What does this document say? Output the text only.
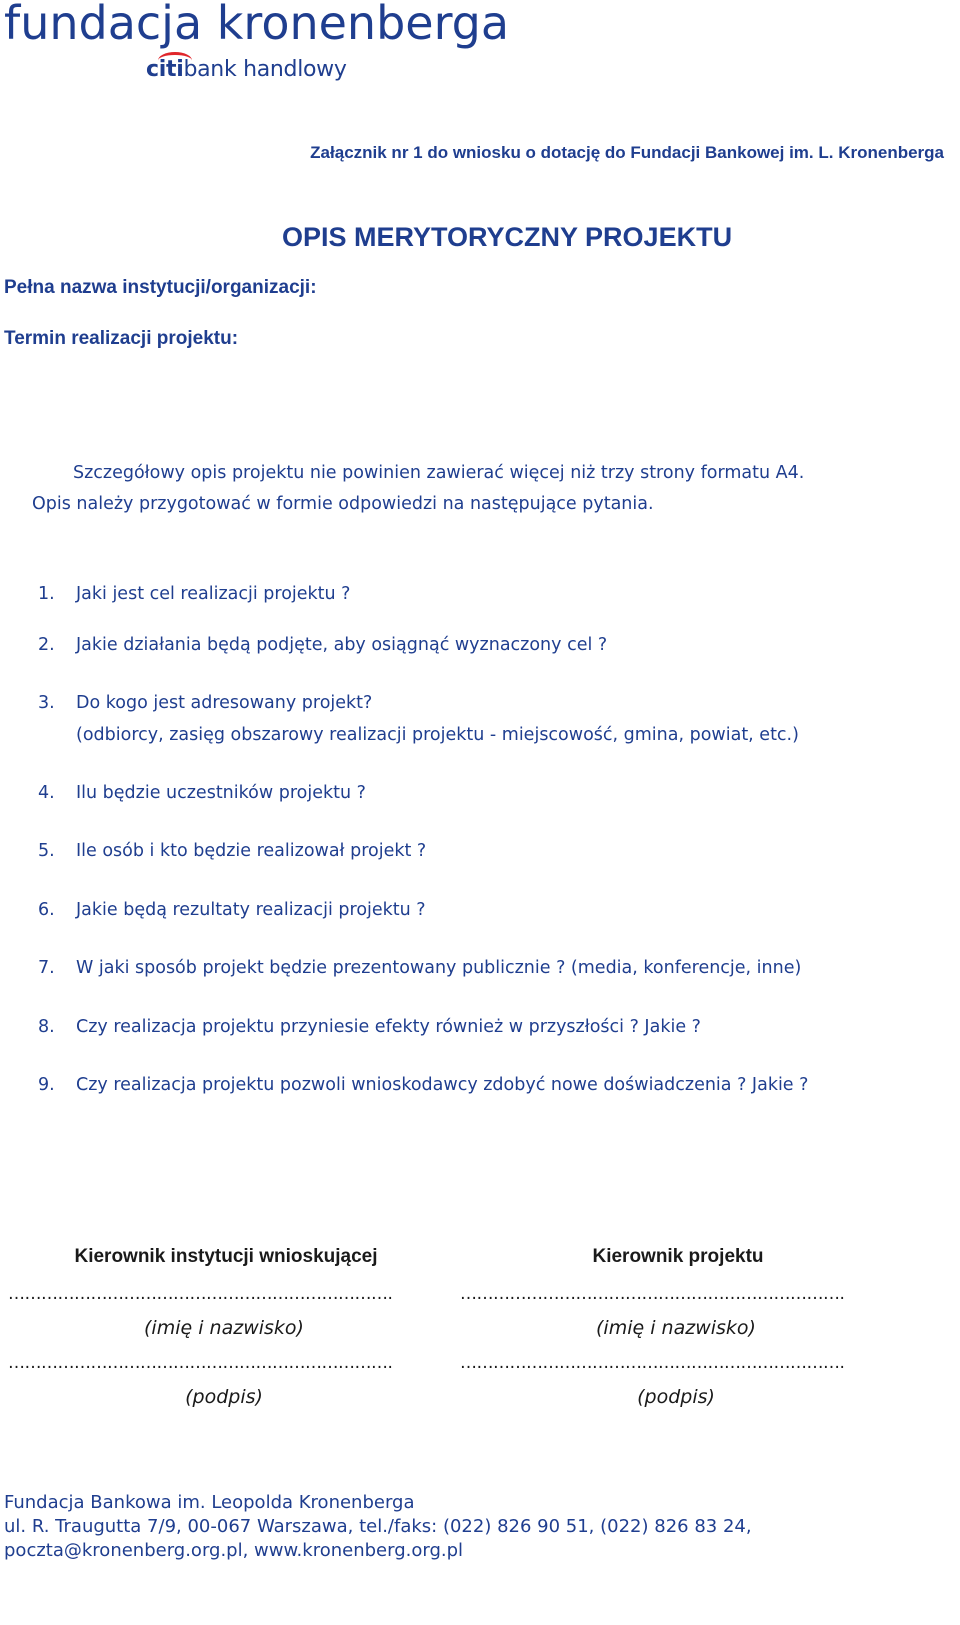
fundacja kronenberga
citibank handlowy
Załącznik nr 1 do wniosku o dotację do Fundacji Bankowej im. L. Kronenberga
OPIS MERYTORYCZNY PROJEKTU
Pełna nazwa instytucji/organizacji:
Termin realizacji projektu:
Szczegółowy opis projektu nie powinien zawierać więcej niż trzy strony formatu A4.
Opis należy przygotować w formie odpowiedzi na następujące pytania.
1. Jaki jest cel realizacji projektu ?
2. Jakie działania będą podjęte, aby osiągnąć wyznaczony cel ?
3. Do kogo jest adresowany projekt?
(odbiorcy, zasięg obszarowy realizacji projektu - miejscowość, gmina, powiat, etc.)
4. Ilu będzie uczestników projektu ?
5. Ile osób i kto będzie realizował projekt ?
6. Jakie będą rezultaty realizacji projektu ?
7. W jaki sposób projekt będzie prezentowany publicznie ? (media, konferencje, inne)
8. Czy realizacja projektu przyniesie efekty również w przyszłości ? Jakie ?
9. Czy realizacja projektu pozwoli wnioskodawcy zdobyć nowe doświadczenia ? Jakie ?
Kierownik instytucji wnioskującej	Kierownik projektu
…………………………………………………………….	…………………………………………………………….
(imię i nazwisko)	(imię i nazwisko)
…………………………………………………………….	…………………………………………………………….
(podpis)	(podpis)
Fundacja Bankowa im. Leopolda Kronenberga
ul. R. Traugutta 7/9, 00-067 Warszawa, tel./faks: (022) 826 90 51, (022) 826 83 24,
poczta@kronenberg.org.pl, www.kronenberg.org.pl
